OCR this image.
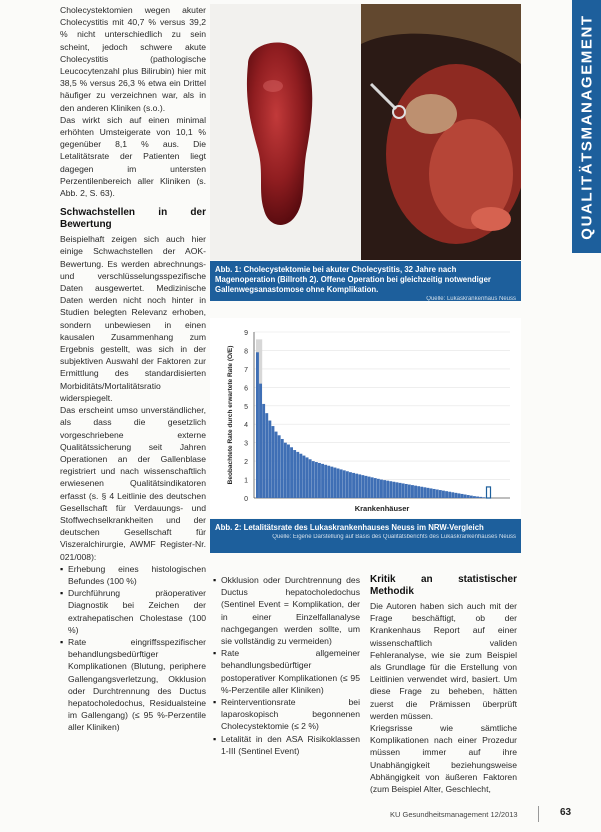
QUALITÄTSMANAGEMENT

Cholecystektomien wegen akuter Cholecystitis mit 40,7 % versus 39,2 % nicht unterschiedlich zu sein scheint, jedoch schwere akute Cholecystitis (pathologische Leucocytenzahl plus Bilirubin) hier mit 38,5 % versus 26,3 % etwa ein Drittel häufiger zu verzeichnen war, als in den anderen Kliniken (s.o.).

Das wirkt sich auf einen minimal erhöhten Umsteigerate von 10,1 % gegenüber 8,1 % aus. Die Letalitätsrate der Patienten liegt dagegen im untersten Perzentilenbereich aller Kliniken (s. Abb. 2, S. 63).

Schwachstellen in der Bewertung

Beispielhaft zeigen sich auch hier einige Schwachstellen der AOK-Bewertung. Es werden abrechnungs- und verschlüsselungsspezifische Daten ausgewertet. Medizinische Daten werden nicht noch hinter in Studien belegten Relevanz erhoben, sondern unbewiesen in einen kausalen Zusammenhang zum Ergebnis gestellt, was sich in der subjektiven Auswahl der Faktoren zur Ermittlung des standardisierten Morbiditäts/Mortalitätsratio widerspiegelt.

Das erscheint umso unverständlicher, als dass die gesetzlich vorgeschriebene externe Qualitätssicherung seit Jahren Operationen an der Gallenblase registriert und nach wissenschaftlich erwiesenen Qualitätsindikatoren erfasst (s. § 4 Leitlinie des deutschen Gesellschaft für Verdauungs- und Stoffwechselkrankheiten und der deutschen Gesellschaft für Viszeralchirurgie, AWMF Register-Nr. 021/008):

▪ Erhebung eines histologischen Befundes (100 %)
▪ Durchführung präoperativer Diagnostik bei Zeichen der extrahepatischen Cholestase (100 %)
▪ Rate eingriffsspezifischer behandlungsbedürftiger Komplikationen (Blutung, periphere Gallengangsverletzung, Okklusion oder Durchtrennung des Ductus hepatocholedochus, Residualsteine im Gallengang) (≤ 95 %-Perzentile aller Kliniken)
Abb. 1: Cholecystektomie bei akuter Cholecystitis, 32 Jahre nach Magenoperation (Billroth 2). Offene Operation bei gleichzeitig notwendiger Gallenwegsanastomose ohne Komplikation.
Quelle: Lukaskrankenhaus Neuss
0
1
2
3
4
5
6
7
8
9
Krankenhäuser
Beobachtete Rate durch erwartete Rate (O/E)
Abb. 2: Letalitätsrate des Lukaskrankenhauses Neuss im NRW-Vergleich
Quelle: Eigene Darstellung auf Basis des Qualitätsberichts des Lukaskrankenhauses Neuss
▪ Okklusion oder Durchtrennung des Ductus hepatocholedochus (Sentinel Event = Komplikation, der in einer Einzelfallanalyse nachgegangen werden sollte, um sie vollständig zu vermeiden)
▪ Rate allgemeiner behandlungsbedürftiger postoperativer Komplikationen (≤ 95 %-Perzentile aller Kliniken)
▪ Reinterventionsrate bei laparoskopisch begonnenen Cholecystektomie (≤ 2 %)
▪ Letalität in den ASA Risikoklassen 1-III (Sentinel Event)

Kritik an statistischer Methodik

Die Autoren haben sich auch mit der Frage beschäftigt, ob der Krankenhaus Report auf einer wissenschaftlich validen Fehleranalyse, wie sie zum Beispiel als Grundlage für die Erstellung von Leitlinien verwendet wird, basiert. Um diese Frage zu beheben, hätten zuerst die Prämissen überprüft werden müssen.

Kriegsrisse wie sämtliche Komplikationen nach einer Prozedur müssen immer auf ihre Unabhängigkeit beziehungsweise Abhängigkeit von äußeren Faktoren (zum Beispiel Alter, Geschlecht,

KU Gesundheitsmanagement 12/2013	63
